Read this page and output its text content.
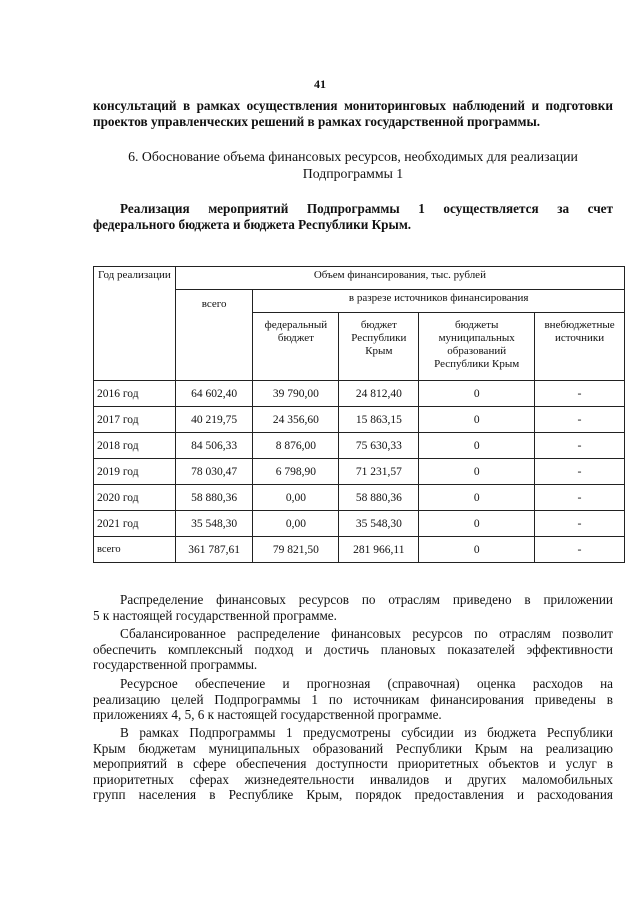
41
консультаций в рамках осуществления мониторинговых наблюдений и подготовки
проектов управленческих решений в рамках государственной программы.
6. Обоснование объема финансовых ресурсов, необходимых для реализации
Подпрограммы 1
Реализация мероприятий Подпрограммы 1 осуществляется за счет
федерального бюджета и бюджета Республики Крым.
Год реализации	Объем финансирования, тыс. рублей				
	всего	в разрезе источников финансирования			
		федеральный бюджет	бюджет Республики Крым	бюджеты муниципальных образований Республики Крым	внебюджетные источники
2016 год	64 602,40	39 790,00	24 812,40	0	-
2017 год	40 219,75	24 356,60	15 863,15	0	-
2018 год	84 506,33	8 876,00	75 630,33	0	-
2019 год	78 030,47	6 798,90	71 231,57	0	-
2020 год	58 880,36	0,00	58 880,36	0	-
2021 год	35 548,30	0,00	35 548,30	0	-
всего	361 787,61	79 821,50	281 966,11	0	-
Распределение финансовых ресурсов по отраслям приведено в приложении
5 к настоящей государственной программе.
Сбалансированное распределение финансовых ресурсов по отраслям позволит
обеспечить комплексный подход и достичь плановых показателей эффективности
государственной программы.
Ресурсное обеспечение и прогнозная (справочная) оценка расходов на
реализацию целей Подпрограммы 1 по источникам финансирования приведены в
приложениях 4, 5, 6 к настоящей государственной программе.
В рамках Подпрограммы 1 предусмотрены субсидии из бюджета Республики
Крым бюджетам муниципальных образований Республики Крым на реализацию
мероприятий в сфере обеспечения доступности приоритетных объектов и услуг в
приоритетных сферах жизнедеятельности инвалидов и других маломобильных
групп населения в Республике Крым, порядок предоставления и расходования
